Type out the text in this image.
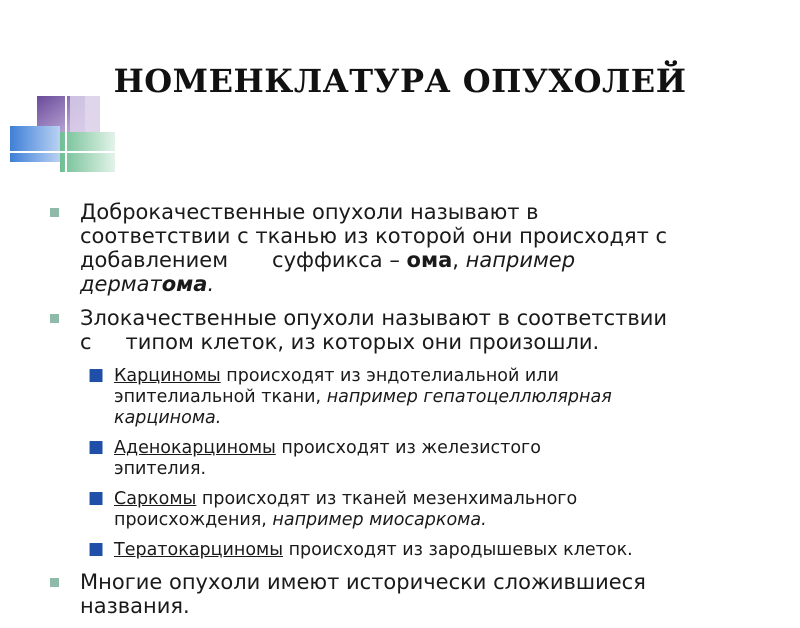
НОМЕНКЛАТУРА ОПУХОЛЕЙ
Доброкачественные опухоли называют в
соответствии с тканью из которой они происходят с
добавлением суффикса – ома, например
дерматома.
Злокачественные опухоли называют в соответствии
с типом клеток, из которых они произошли.
■ Карциномы происходят из эндотелиальной или
эпителиальной ткани, например гепатоцеллюлярная
карцинома.
■ Аденокарциномы происходят из железистого
эпителия.
■ Саркомы происходят из тканей мезенхимального
происхождения, например миосаркома.
■ Тератокарциномы происходят из зародышевых клеток.
Многие опухоли имеют исторически сложившиеся
названия.
